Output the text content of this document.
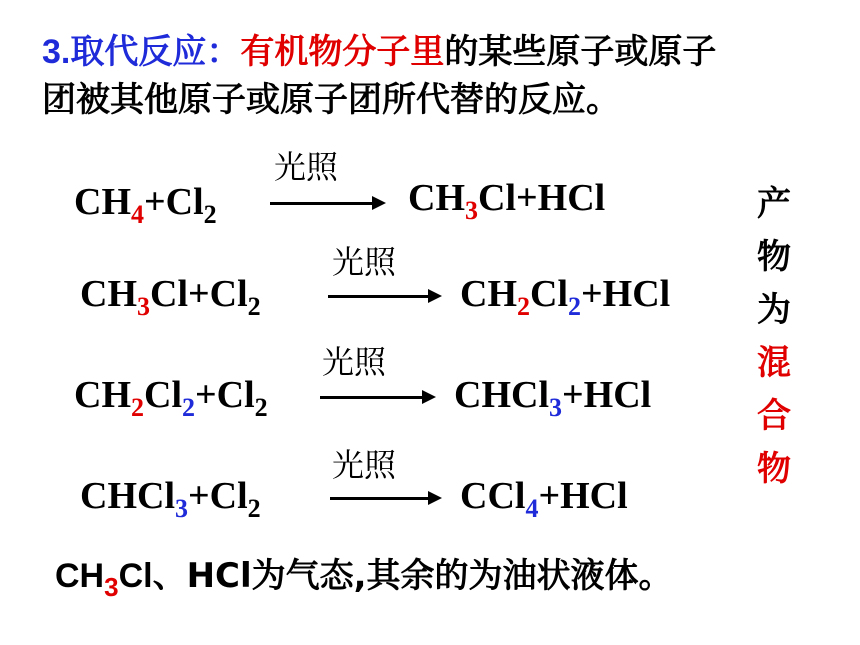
3.取代反应：有机物分子里的某些原子或原子
团被其他原子或原子团所代替的反应。
光照
$CH_4+Cl_2$	$CH_3Cl+HCl$
光照
$CH_3Cl+Cl_2$	$CH_2Cl_2+HCl$
光照
$CH_2Cl_2+Cl_2$	CHCl$_3$+HCl
光照
$CHCl_3+Cl_2$	CCl$_4$+HCl
产
物
为
混
合
物
$CH_3Cl$、HCl为气态,其余的为油状液体。
